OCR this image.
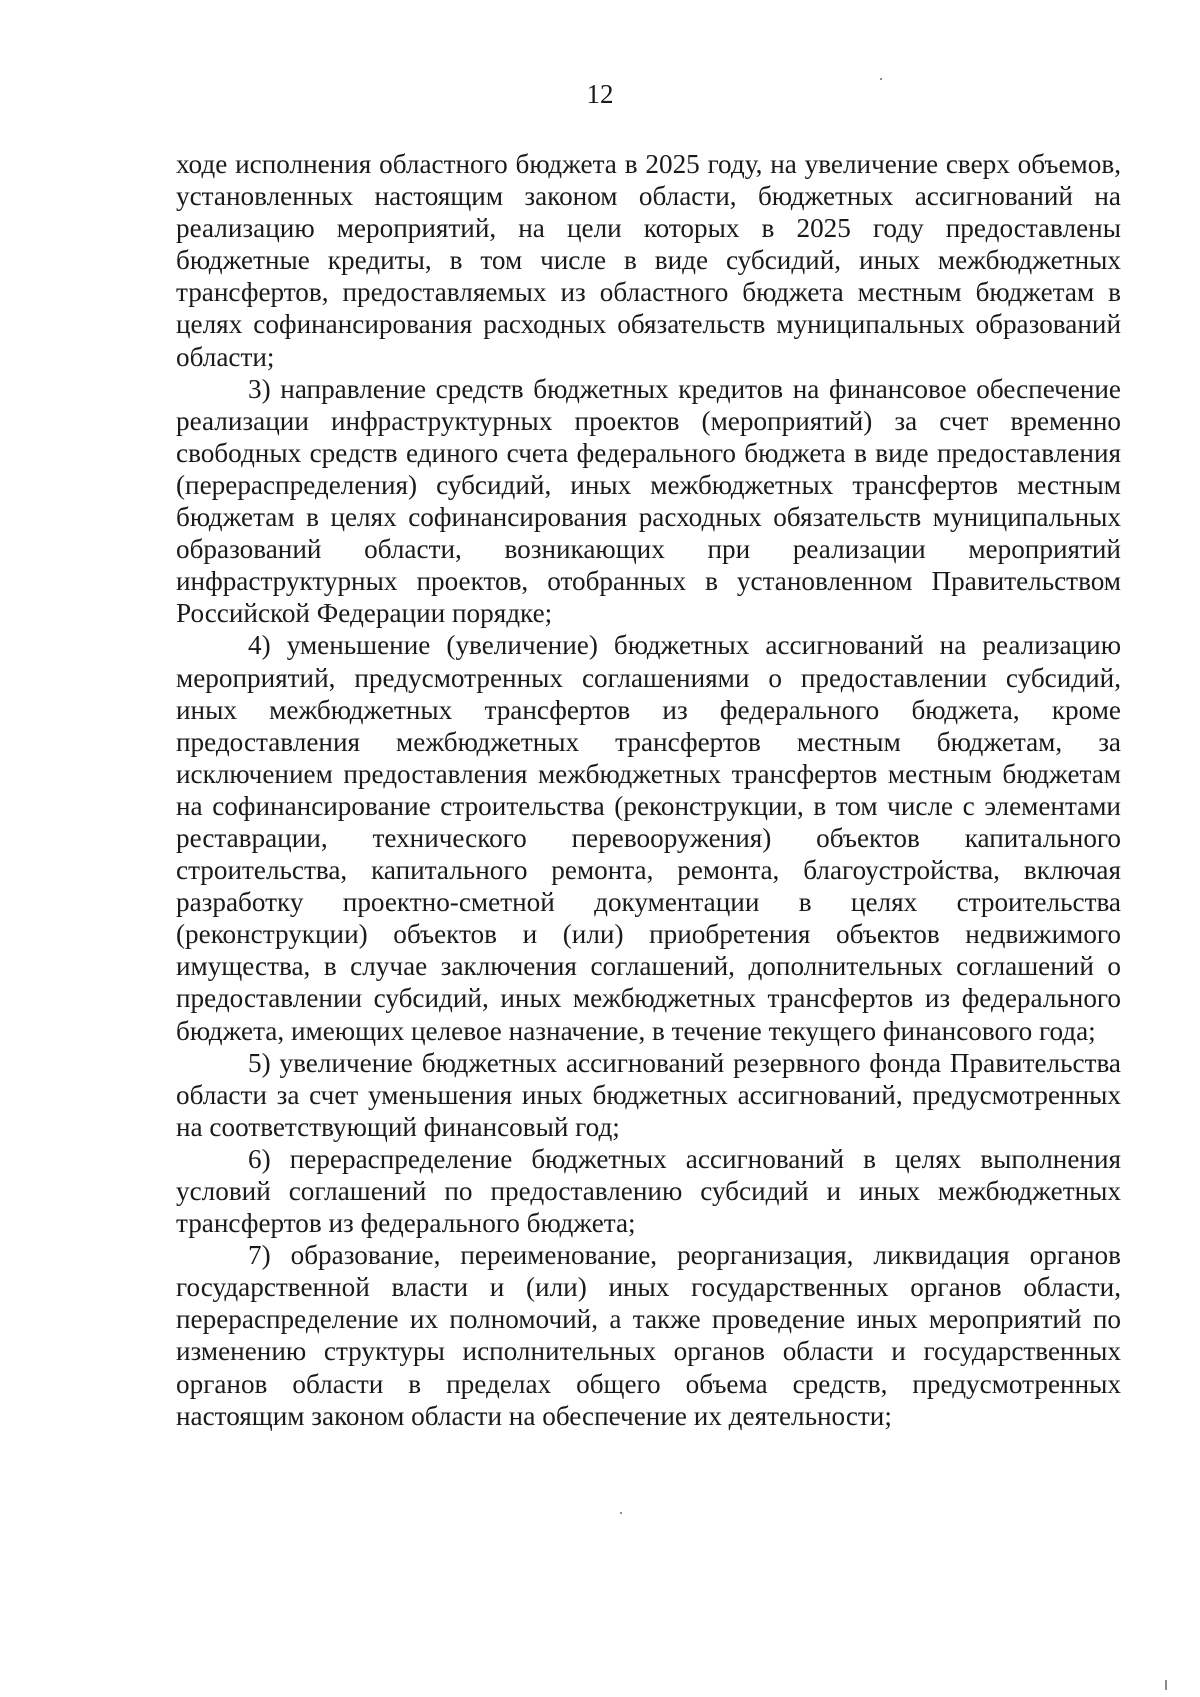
12

ходе исполнения областного бюджета в 2025 году, на увеличение сверх объемов, установленных настоящим законом области, бюджетных ассигнований на реализацию мероприятий, на цели которых в 2025 году предоставлены бюджетные кредиты, в том числе в виде субсидий, иных межбюджетных трансфертов, предоставляемых из областного бюджета местным бюджетам в целях софинансирования расходных обязательств муниципальных образований области;

3) направление средств бюджетных кредитов на финансовое обеспечение реализации инфраструктурных проектов (мероприятий) за счет временно свободных средств единого счета федерального бюджета в виде предоставления (перераспределения) субсидий, иных межбюджетных трансфертов местным бюджетам в целях софинансирования расходных обязательств муниципальных образований области, возникающих при реализации мероприятий инфраструктурных проектов, отобранных в установленном Правительством Российской Федерации порядке;

4) уменьшение (увеличение) бюджетных ассигнований на реализацию мероприятий, предусмотренных соглашениями о предоставлении субсидий, иных межбюджетных трансфертов из федерального бюджета, кроме предоставления межбюджетных трансфертов местным бюджетам, за исключением предоставления межбюджетных трансфертов местным бюджетам на софинансирование строительства (реконструкции, в том числе с элементами реставрации, технического перевооружения) объектов капитального строительства, капитального ремонта, ремонта, благоустройства, включая разработку проектно-сметной документации в целях строительства (реконструкции) объектов и (или) приобретения объектов недвижимого имущества, в случае заключения соглашений, дополнительных соглашений о предоставлении субсидий, иных межбюджетных трансфертов из федерального бюджета, имеющих целевое назначение, в течение текущего финансового года;

5) увеличение бюджетных ассигнований резервного фонда Правительства области за счет уменьшения иных бюджетных ассигнований, предусмотренных на соответствующий финансовый год;

6) перераспределение бюджетных ассигнований в целях выполнения условий соглашений по предоставлению субсидий и иных межбюджетных трансфертов из федерального бюджета;

7) образование, переименование, реорганизация, ликвидация органов государственной власти и (или) иных государственных органов области, перераспределение их полномочий, а также проведение иных мероприятий по изменению структуры исполнительных органов области и государственных органов области в пределах общего объема средств, предусмотренных настоящим законом области на обеспечение их деятельности;
